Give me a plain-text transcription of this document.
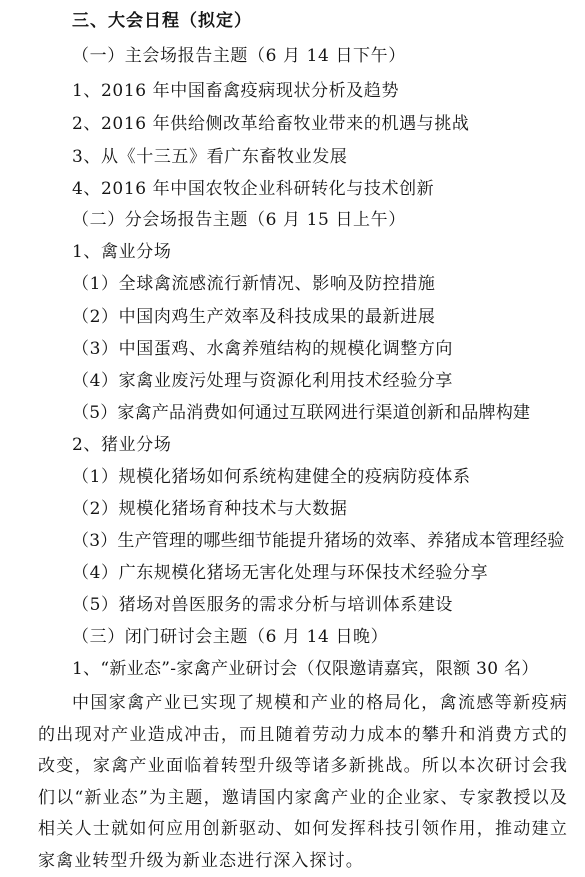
三、大会日程（拟定）
（一）主会场报告主题（6 月 14 日下午）
1、2016 年中国畜禽疫病现状分析及趋势
2、2016 年供给侧改革给畜牧业带来的机遇与挑战
3、从《十三五》看广东畜牧业发展
4、2016 年中国农牧企业科研转化与技术创新
（二）分会场报告主题（6 月 15 日上午）
1、禽业分场
（1）全球禽流感流行新情况、影响及防控措施
（2）中国肉鸡生产效率及科技成果的最新进展
（3）中国蛋鸡、水禽养殖结构的规模化调整方向
（4）家禽业废污处理与资源化利用技术经验分享
（5）家禽产品消费如何通过互联网进行渠道创新和品牌构建
2、猪业分场
（1）规模化猪场如何系统构建健全的疫病防疫体系
（2）规模化猪场育种技术与大数据
（3）生产管理的哪些细节能提升猪场的效率、养猪成本管理经验
（4）广东规模化猪场无害化处理与环保技术经验分享
（5）猪场对兽医服务的需求分析与培训体系建设
（三）闭门研讨会主题（6 月 14 日晚）
1、“新业态”-家禽产业研讨会（仅限邀请嘉宾，限额 30 名）
中国家禽产业已实现了规模和产业的格局化，禽流感等新疫病的出现对产业造成冲击，而且随着劳动力成本的攀升和消费方式的改变，家禽产业面临着转型升级等诸多新挑战。所以本次研讨会我们以“新业态”为主题，邀请国内家禽产业的企业家、专家教授以及相关人士就如何应用创新驱动、如何发挥科技引领作用，推动建立家禽业转型升级为新业态进行深入探讨。
